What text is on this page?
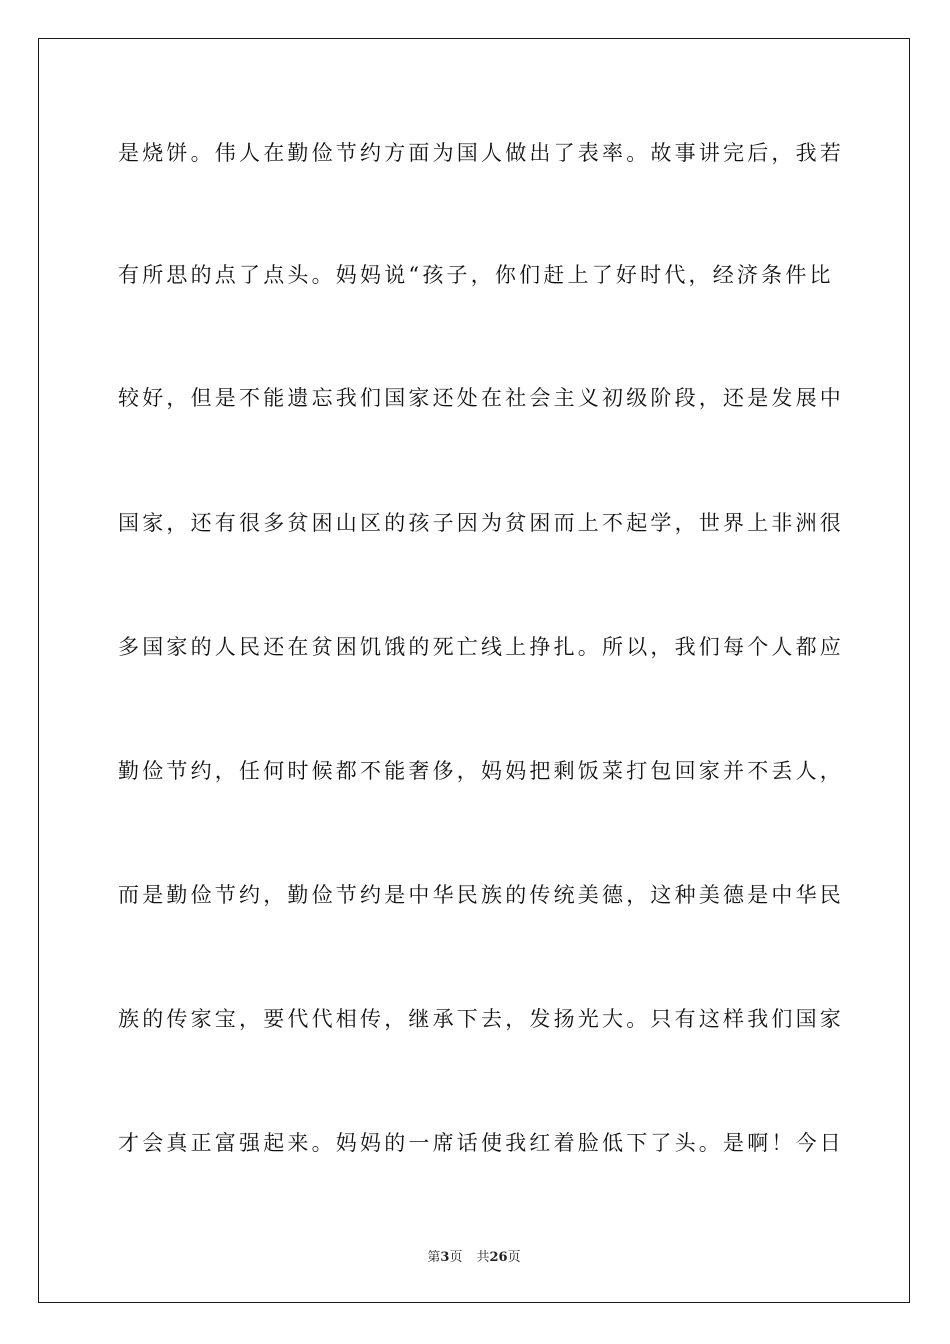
是烧饼。伟人在勤俭节约方面为国人做出了表率。故事讲完后，我若
有所思的点了点头。妈妈说“孩子，你们赶上了好时代，经济条件比
较好，但是不能遗忘我们国家还处在社会主义初级阶段，还是发展中
国家，还有很多贫困山区的孩子因为贫困而上不起学，世界上非洲很
多国家的人民还在贫困饥饿的死亡线上挣扎。所以，我们每个人都应
勤俭节约，任何时候都不能奢侈，妈妈把剩饭菜打包回家并不丢人，
而是勤俭节约，勤俭节约是中华民族的传统美德，这种美德是中华民
族的传家宝，要代代相传，继承下去，发扬光大。只有这样我们国家
才会真正富强起来。妈妈的一席话使我红着脸低下了头。是啊！今日
第3页 共26页
